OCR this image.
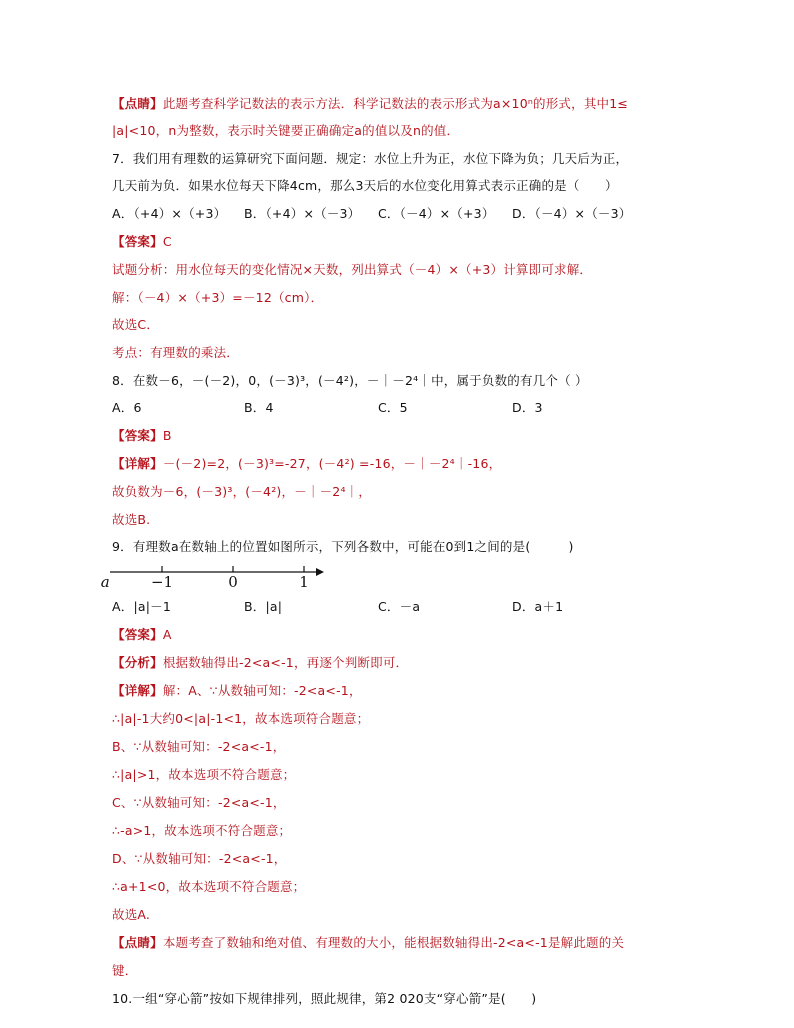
【点睛】此题考查科学记数法的表示方法．科学记数法的表示形式为a×10ⁿ的形式，其中1≤
|a|<10，n为整数，表示时关键要正确确定a的值以及n的值．
7．我们用有理数的运算研究下面问题．规定：水位上升为正，水位下降为负；几天后为正，
几天前为负．如果水位每天下降4cm，那么3天后的水位变化用算式表示正确的是（　　）
A．（+4）×（+3） B．（+4）×（－3） C．（－4）×（+3） D．（－4）×（－3）
【答案】C
试题分析：用水位每天的变化情况×天数，列出算式（－4）×（+3）计算即可求解．
解：（－4）×（+3）=－12（cm）．
故选C．
考点：有理数的乘法．
8．在数－6，－(－2)，0，(－3)³，(－4²)，－｜－2⁴｜中，属于负数的有几个（ ）
A．6	B．4	C．5	D．3
【答案】B
【详解】－(－2)=2，(－3)³=-27，(－4²) =-16，－｜－2⁴｜-16，
故负数为－6，(－3)³，(－4²)，－｜－2⁴｜，
故选B.
9．有理数a在数轴上的位置如图所示，下列各数中，可能在0到1之间的是(　　　)
a	−1	0	1
A．|a|－1	B．|a|	C．－a	D．a＋1
【答案】A
【分析】根据数轴得出-2<a<-1，再逐个判断即可．
【详解】解：A、∵从数轴可知：-2<a<-1，
∴|a|-1大约0<|a|-1<1，故本选项符合题意；
B、∵从数轴可知：-2<a<-1，
∴|a|>1，故本选项不符合题意；
C、∵从数轴可知：-2<a<-1，
∴-a>1，故本选项不符合题意；
D、∵从数轴可知：-2<a<-1，
∴a+1<0，故本选项不符合题意；
故选A.
【点睛】本题考查了数轴和绝对值、有理数的大小，能根据数轴得出-2<a<-1是解此题的关
键．
10.一组“穿心箭”按如下规律排列，照此规律，第2 020支“穿心箭”是(　　)
